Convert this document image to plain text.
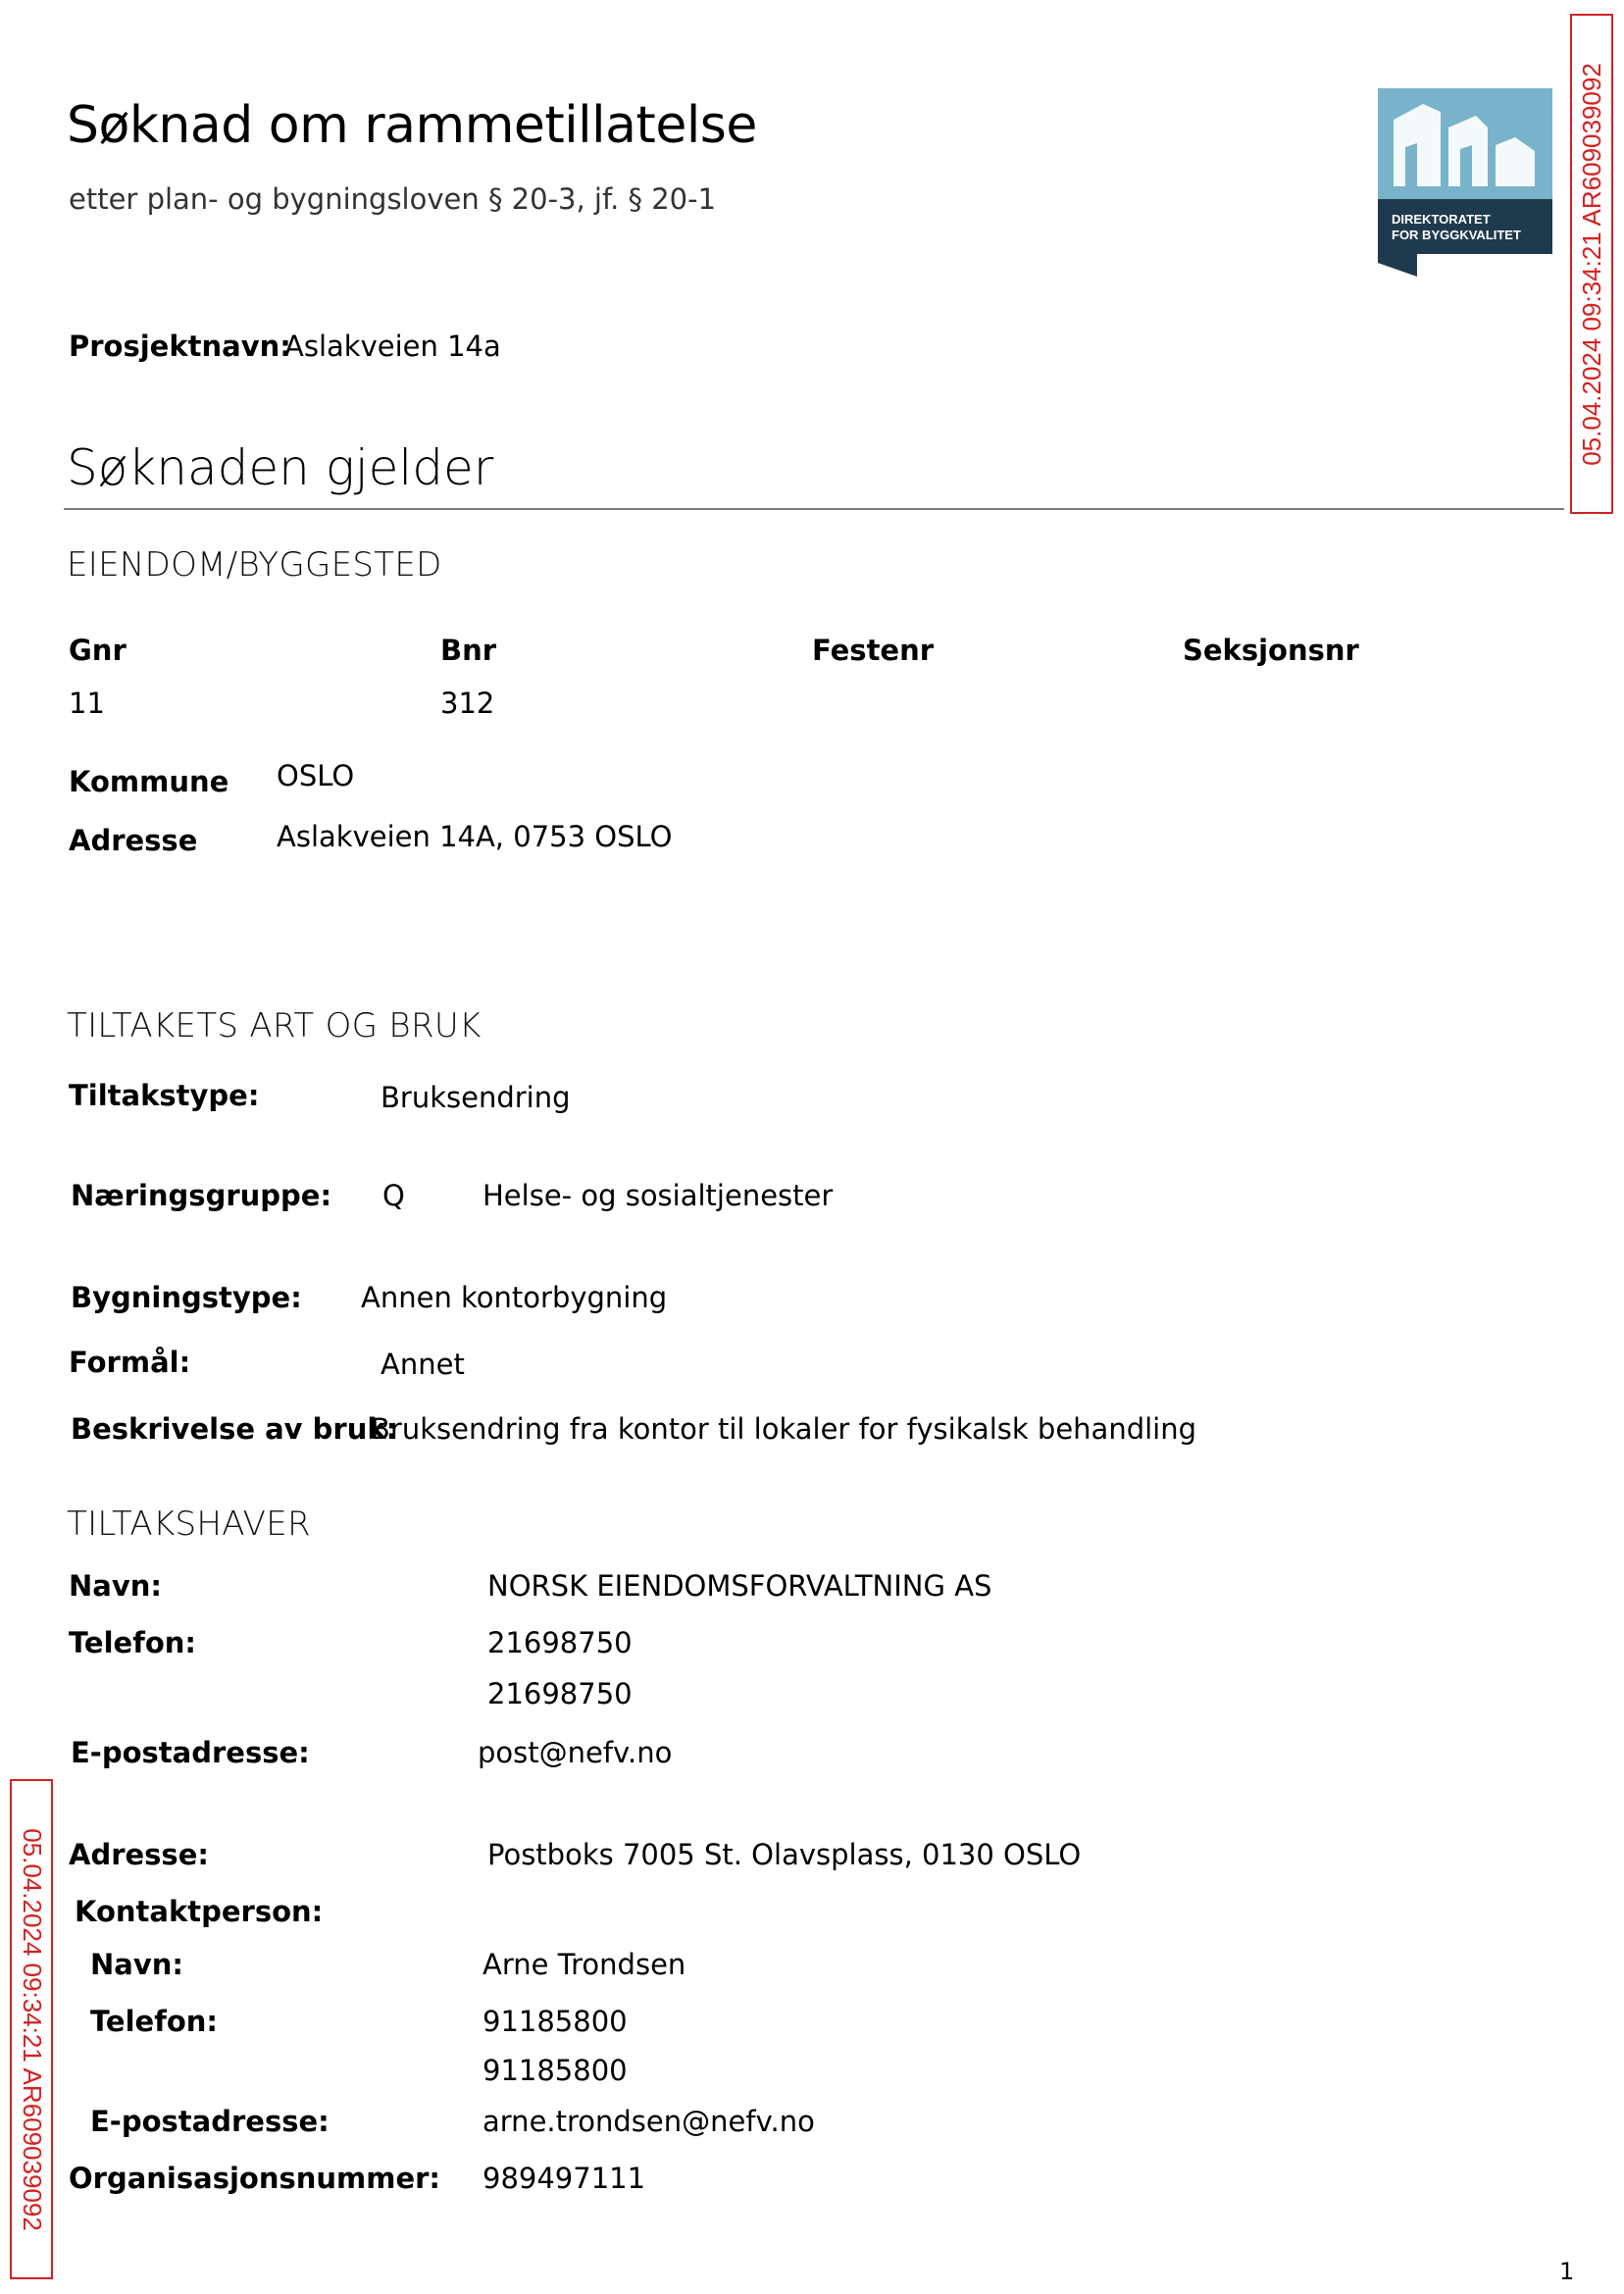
Søknad om rammetillatelse
etter plan- og bygningsloven § 20-3, jf. § 20-1
DIREKTORATET
FOR BYGGKVALITET 05.04.2024 09:34:21 AR609039092
Prosjektnavn:
Aslakveien 14a
Søknaden gjelder
EIENDOM/BYGGESTED
Gnr	Bnr	Festenr	Seksjonsnr
11	312
Kommune OSLO
Adresse	Aslakveien 14A, 0753 OSLO
TILTAKETS ART OG BRUK
Tiltakstype:	Bruksendring
Næringsgruppe: Q	Helse- og sosialtjenester
Bygningstype: Annen kontorbygning
Formål:	Annet
Beskrivelse av bruk:
Bruksendring fra kontor til lokaler for fysikalsk behandling
TILTAKSHAVER
Navn:	NORSK EIENDOMSFORVALTNING AS
Telefon:	21698750
21698750
E-postadresse:	post@nefv.no
Adresse:	Postboks 7005 St. Olavsplass, 0130 OSLO
Kontaktperson:
Navn:	Arne Trondsen
Telefon:	91185800
91185800
E-postadresse:	arne.trondsen@nefv.no
Organisasjonsnummer: 989497111
05.04.2024 09:34:21 AR609039092
1
